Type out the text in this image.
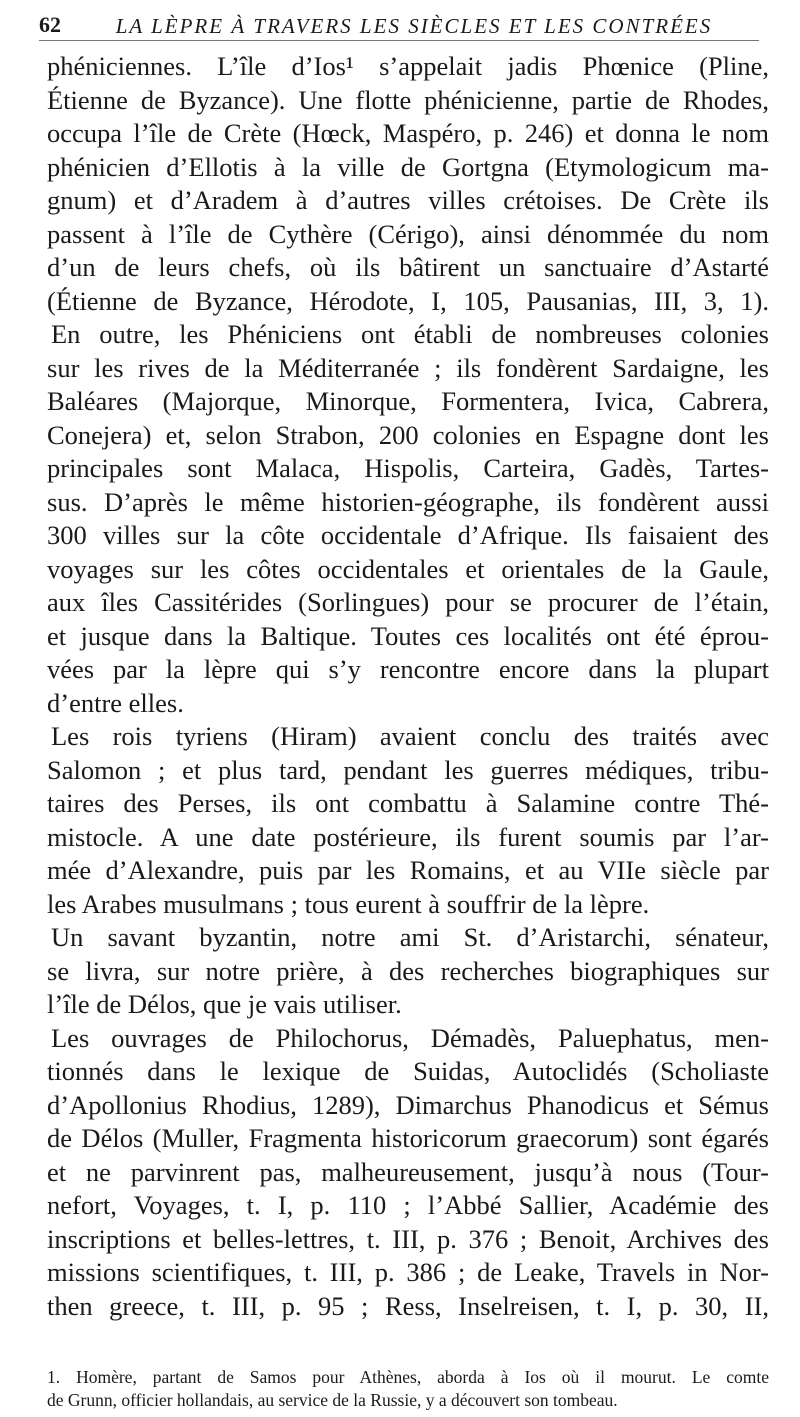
62	LA LÈPRE À TRAVERS LES SIÈCLES ET LES CONTRÉES
phéniciennes. L’île d’Ios¹ s’appelait jadis Phœnice (Pline,
Étienne de Byzance). Une flotte phénicienne, partie de Rhodes,
occupa l’île de Crète (Hœck, Maspéro, p. 246) et donna le nom
phénicien d’Ellotis à la ville de Gortgna (Etymologicum ma-
gnum) et d’Aradem à d’autres villes crétoises. De Crète ils
passent à l’île de Cythère (Cérigo), ainsi dénommée du nom
d’un de leurs chefs, où ils bâtirent un sanctuaire d’Astarté
(Étienne de Byzance, Hérodote, I, 105, Pausanias, III, 3, 1).
En outre, les Phéniciens ont établi de nombreuses colonies
sur les rives de la Méditerranée ; ils fondèrent Sardaigne, les
Baléares (Majorque, Minorque, Formentera, Ivica, Cabrera,
Conejera) et, selon Strabon, 200 colonies en Espagne dont les
principales sont Malaca, Hispolis, Carteira, Gadès, Tartes-
sus. D’après le même historien-géographe, ils fondèrent aussi
300 villes sur la côte occidentale d’Afrique. Ils faisaient des
voyages sur les côtes occidentales et orientales de la Gaule,
aux îles Cassitérides (Sorlingues) pour se procurer de l’étain,
et jusque dans la Baltique. Toutes ces localités ont été éprou-
vées par la lèpre qui s’y rencontre encore dans la plupart
d’entre elles.
Les rois tyriens (Hiram) avaient conclu des traités avec
Salomon ; et plus tard, pendant les guerres médiques, tribu-
taires des Perses, ils ont combattu à Salamine contre Thé-
mistocle. A une date postérieure, ils furent soumis par l’ar-
mée d’Alexandre, puis par les Romains, et au VIIe siècle par
les Arabes musulmans ; tous eurent à souffrir de la lèpre.
Un savant byzantin, notre ami St. d’Aristarchi, sénateur,
se livra, sur notre prière, à des recherches biographiques sur
l’île de Délos, que je vais utiliser.
Les ouvrages de Philochorus, Démadès, Paluephatus, men-
tionnés dans le lexique de Suidas, Autoclidés (Scholiaste
d’Apollonius Rhodius, 1289), Dimarchus Phanodicus et Sémus
de Délos (Muller, Fragmenta historicorum graecorum) sont égarés
et ne parvinrent pas, malheureusement, jusqu’à nous (Tour-
nefort, Voyages, t. I, p. 110 ; l’Abbé Sallier, Académie des
inscriptions et belles-lettres, t. III, p. 376 ; Benoit, Archives des
missions scientifiques, t. III, p. 386 ; de Leake, Travels in Nor-
then greece, t. III, p. 95 ; Ress, Inselreisen, t. I, p. 30, II,
1. Homère, partant de Samos pour Athènes, aborda à Ios où il mourut. Le comte
de Grunn, officier hollandais, au service de la Russie, y a découvert son tombeau.
